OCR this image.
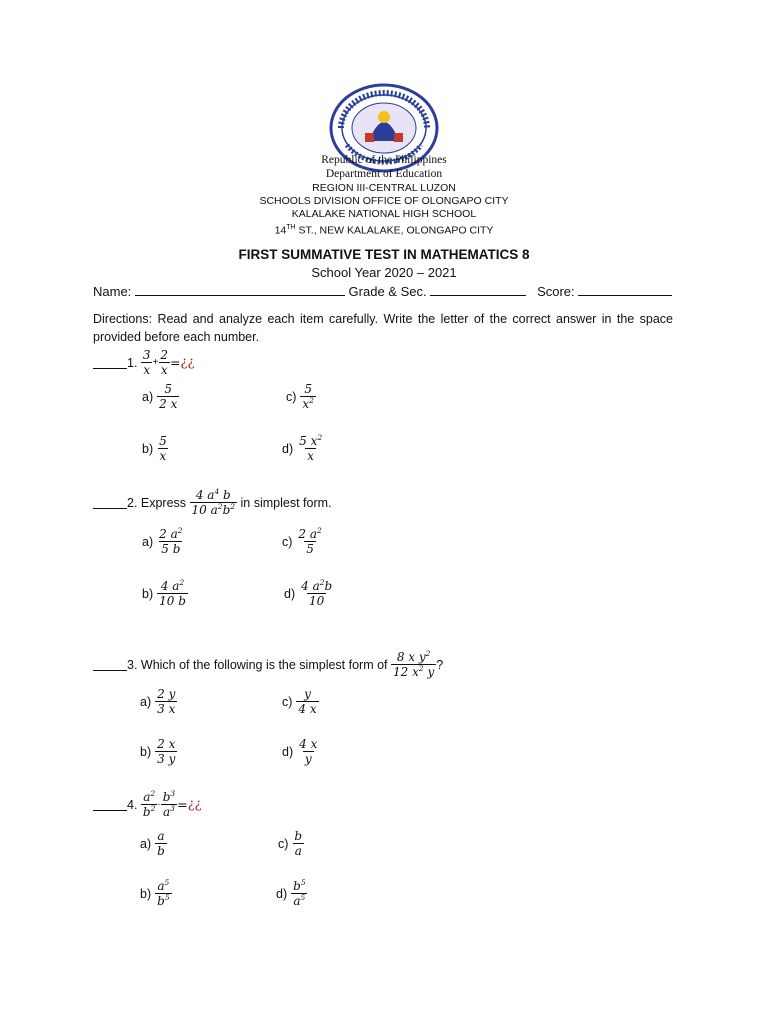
Republic of the Philippines
Department of Education
REGION III-CENTRAL LUZON
SCHOOLS DIVISION OFFICE OF OLONGAPO CITY
KALALAKE NATIONAL HIGH SCHOOL
14TH ST., NEW KALALAKE, OLONGAPO CITY
FIRST SUMMATIVE TEST IN MATHEMATICS 8
School Year 2020 – 2021
Name:	Grade & Sec.	Score:
Directions: Read and analyze each item carefully. Write the letter of the correct answer in the space provided before each number.
1.
$\frac{3}{x} + \frac{2}{x}$ = ¿¿
$a) \frac{5}{2 x}$	$c) \frac{5}{x^2}$
$b) \frac{5}{x}$	$d) \frac{5 x^2}{x}$
2. Express
$\frac{4 a^4 b}{10 a^2b^2}$
in simplest form.
$a) \frac{2 a^2}{5 b}$	$c) \frac{2 a^2}{5}$
$b) \frac{4 a^2}{10 b}$	$d) \frac{4 a^2b}{10}$
3. Which of the following is the simplest form of
$\frac{8 x y^2}{12 x^2 y}$ ?
$a) \frac{2 y}{3 x}$	$c) \frac{y}{4 x}$
$b) \frac{2 x}{3 y}$	$d) \frac{4 x}{y}$
4.
$\frac{a^2}{b^2} \cdot \frac{b^3}{a^3}$ = ¿¿
$a) \frac{a}{b}$	$c) \frac{b}{a}$
$b) \frac{a^5}{b^5}$	$d) \frac{b^5}{a^5}$
